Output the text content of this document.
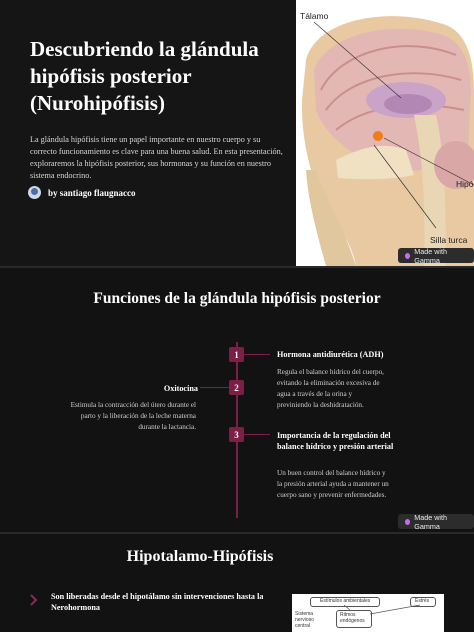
Descubriendo la glándula hipófisis posterior (Nurohipófisis)

La glándula hipófisis tiene un papel importante en nuestro cuerpo y su correcto funcionamiento es clave para una buena salud. En esta presentación, exploraremos la hipófisis posterior, sus hormonas y su función en nuestro sistema endocrino.

by santiago flaugnacco
Tálamo
Hipó
Silla turca
Made with Gamma
Funciones de la glándula hipófisis posterior
1	Hormona antidiurética (ADH)
Regula el balance hídrico del cuerpo, evitando la eliminación excesiva de agua a través de la orina y previniendo la deshidratación.
2
Oxitocina
Estimula la contracción del útero durante el parto y la liberación de la leche materna durante la lactancia.
3	Importancia de la regulación del balance hídrico y presión arterial
Un buen control del balance hídrico y la presión arterial ayuda a mantener un cuerpo sano y prevenir enfermedades.
Made with Gamma
Hipotalamo-Hipófisis
Son liberadas desde el hipotálamo sin intervenciones hasta la Nerohormona
Estímulos ambientales	Estrés
Sistema nervioso central
Ritmos endógenos
